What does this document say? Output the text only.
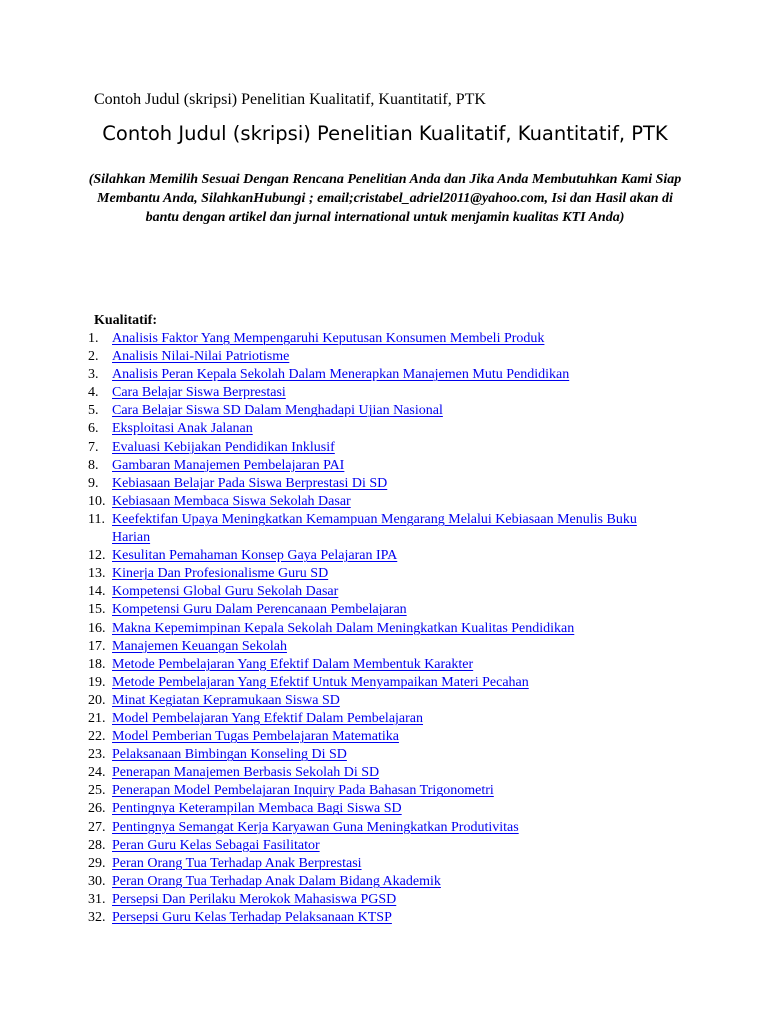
Contoh Judul (skripsi) Penelitian Kualitatif, Kuantitatif, PTK
Contoh Judul (skripsi) Penelitian Kualitatif, Kuantitatif, PTK
(Silahkan Memilih Sesuai Dengan Rencana Penelitian Anda dan Jika Anda Membutuhkan Kami Siap Membantu Anda, SilahkanHubungi ; email;cristabel_adriel2011@yahoo.com, Isi dan Hasil akan di bantu dengan artikel dan jurnal international untuk menjamin kualitas KTI Anda)
Kualitatif:
1. Analisis Faktor Yang Mempengaruhi Keputusan Konsumen Membeli Produk
2. Analisis Nilai-Nilai Patriotisme
3. Analisis Peran Kepala Sekolah Dalam Menerapkan Manajemen Mutu Pendidikan
4. Cara Belajar Siswa Berprestasi
5. Cara Belajar Siswa SD Dalam Menghadapi Ujian Nasional
6. Eksploitasi Anak Jalanan
7. Evaluasi Kebijakan Pendidikan Inklusif
8. Gambaran Manajemen Pembelajaran PAI
9. Kebiasaan Belajar Pada Siswa Berprestasi Di SD
10. Kebiasaan Membaca Siswa Sekolah Dasar
11. Keefektifan Upaya Meningkatkan Kemampuan Mengarang Melalui Kebiasaan Menulis Buku Harian
12. Kesulitan Pemahaman Konsep Gaya Pelajaran IPA
13. Kinerja Dan Profesionalisme Guru SD
14. Kompetensi Global Guru Sekolah Dasar
15. Kompetensi Guru Dalam Perencanaan Pembelajaran
16. Makna Kepemimpinan Kepala Sekolah Dalam Meningkatkan Kualitas Pendidikan
17. Manajemen Keuangan Sekolah
18. Metode Pembelajaran Yang Efektif Dalam Membentuk Karakter
19. Metode Pembelajaran Yang Efektif Untuk Menyampaikan Materi Pecahan
20. Minat Kegiatan Kepramukaan Siswa SD
21. Model Pembelajaran Yang Efektif Dalam Pembelajaran
22. Model Pemberian Tugas Pembelajaran Matematika
23. Pelaksanaan Bimbingan Konseling Di SD
24. Penerapan Manajemen Berbasis Sekolah Di SD
25. Penerapan Model Pembelajaran Inquiry Pada Bahasan Trigonometri
26. Pentingnya Keterampilan Membaca Bagi Siswa SD
27. Pentingnya Semangat Kerja Karyawan Guna Meningkatkan Produtivitas
28. Peran Guru Kelas Sebagai Fasilitator
29. Peran Orang Tua Terhadap Anak Berprestasi
30. Peran Orang Tua Terhadap Anak Dalam Bidang Akademik
31. Persepsi Dan Perilaku Merokok Mahasiswa PGSD
32. Persepsi Guru Kelas Terhadap Pelaksanaan KTSP
